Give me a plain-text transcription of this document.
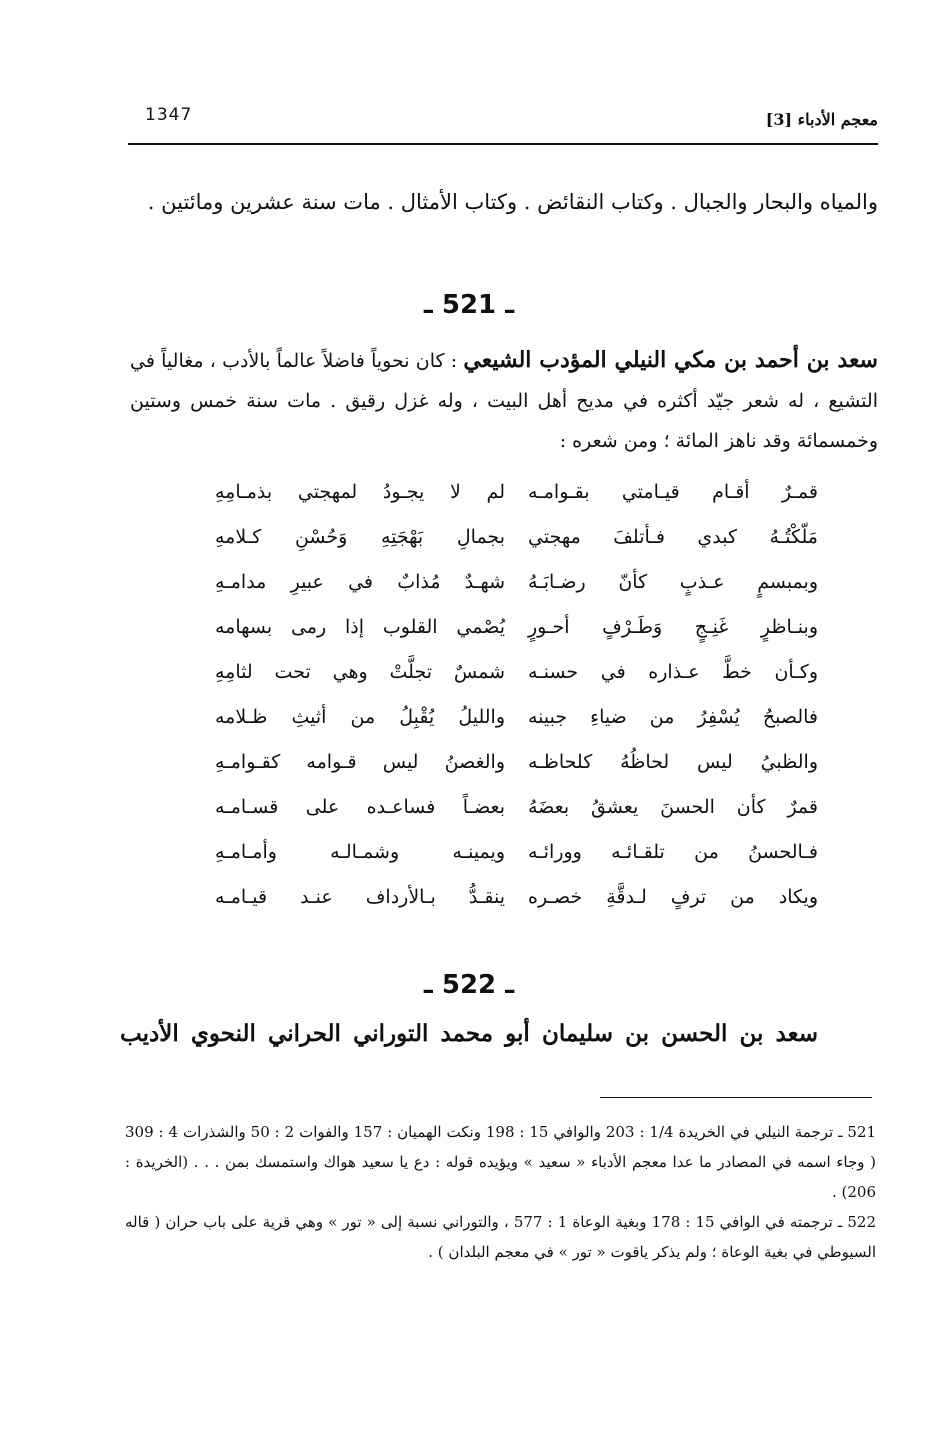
1347	معجم الأدباء [3]
والمياه والبحار والجبال . وكتاب النقائض . وكتاب الأمثال . مات سنة عشرين ومائتين .
ـ 521 ـ
سعد بن أحمد بن مكي النيلي المؤدب الشيعي : كان نحوياً فاضلاً عالماً بالأدب ، مغالياً في التشيع ، له شعر جيّد أكثره في مديح أهل البيت ، وله غزل رقيق . مات سنة خمس وستين وخمسمائة وقد ناهز المائة ؛ ومن شعره :
قمـرٌ أقـام قيـامتي بقـوامـه
مَلّكْتُـهُ كبدي فـأتلفَ مهجتي
وبمبسمٍ عـذبٍ كأنّ رضـابَـهُ
وبنـاظرٍ غَنِـجٍ وَطَـرْفٍ أحـورٍ
وكـأن خطَّ عـذاره في حسنـه
فالصبحُ يُسْفِرُ من ضياءِ جبينه
والظبيُ ليس لحاظُهُ كلحاظـه
قمرٌ كأن الحسنَ يعشقُ بعضَهُ
فـالحسنُ من تلقـائـه وورائـه
ويكاد من ترفٍ لـدقَّةِ خصـره
لم لا يجـودُ لمهجتي بذمـامِهِ
بجمالِ بَهْجَتِهِ وَحُسْنِ كـلامهِ
شهـدٌ مُذابٌ في عبيرِ مدامـهِ
يُصْمي القلوب إذا رمى بسهامه
شمسٌ تجلَّتْ وهي تحت لثامِهِ
والليلُ يُقْبِلُ من أثيثِ ظـلامه
والغصنُ ليس قـوامه كقـوامـهِ
بعضـاً فساعـده على قسـامـه
ويمينـه وشمـالـه وأمـامـهِ
ينقـدُّ بـالأرداف عنـد قيـامـه
ـ 522 ـ
سعد بن الحسن بن سليمان أبو محمد التوراني الحراني النحوي الأديب

521 ـ ترجمة النيلي في الخريدة 1/4 : 203 والوافي 15 : 198 ونكت الهميان : 157 والفوات 2 : 50 والشذرات 4 : 309 ( وجاء اسمه في المصادر ما عدا معجم الأدباء « سعيد » ويؤيده قوله : دع يا سعيد هواك واستمسك بمن . . . (الخريدة : 206) .

522 ـ ترجمته في الوافي 15 : 178 وبغية الوعاة 1 : 577 ، والتوراني نسبة إلى « تور » وهي قرية على باب حران ( قاله السيوطي في بغية الوعاة ؛ ولم يذكر ياقوت « تور » في معجم البلدان ) .
